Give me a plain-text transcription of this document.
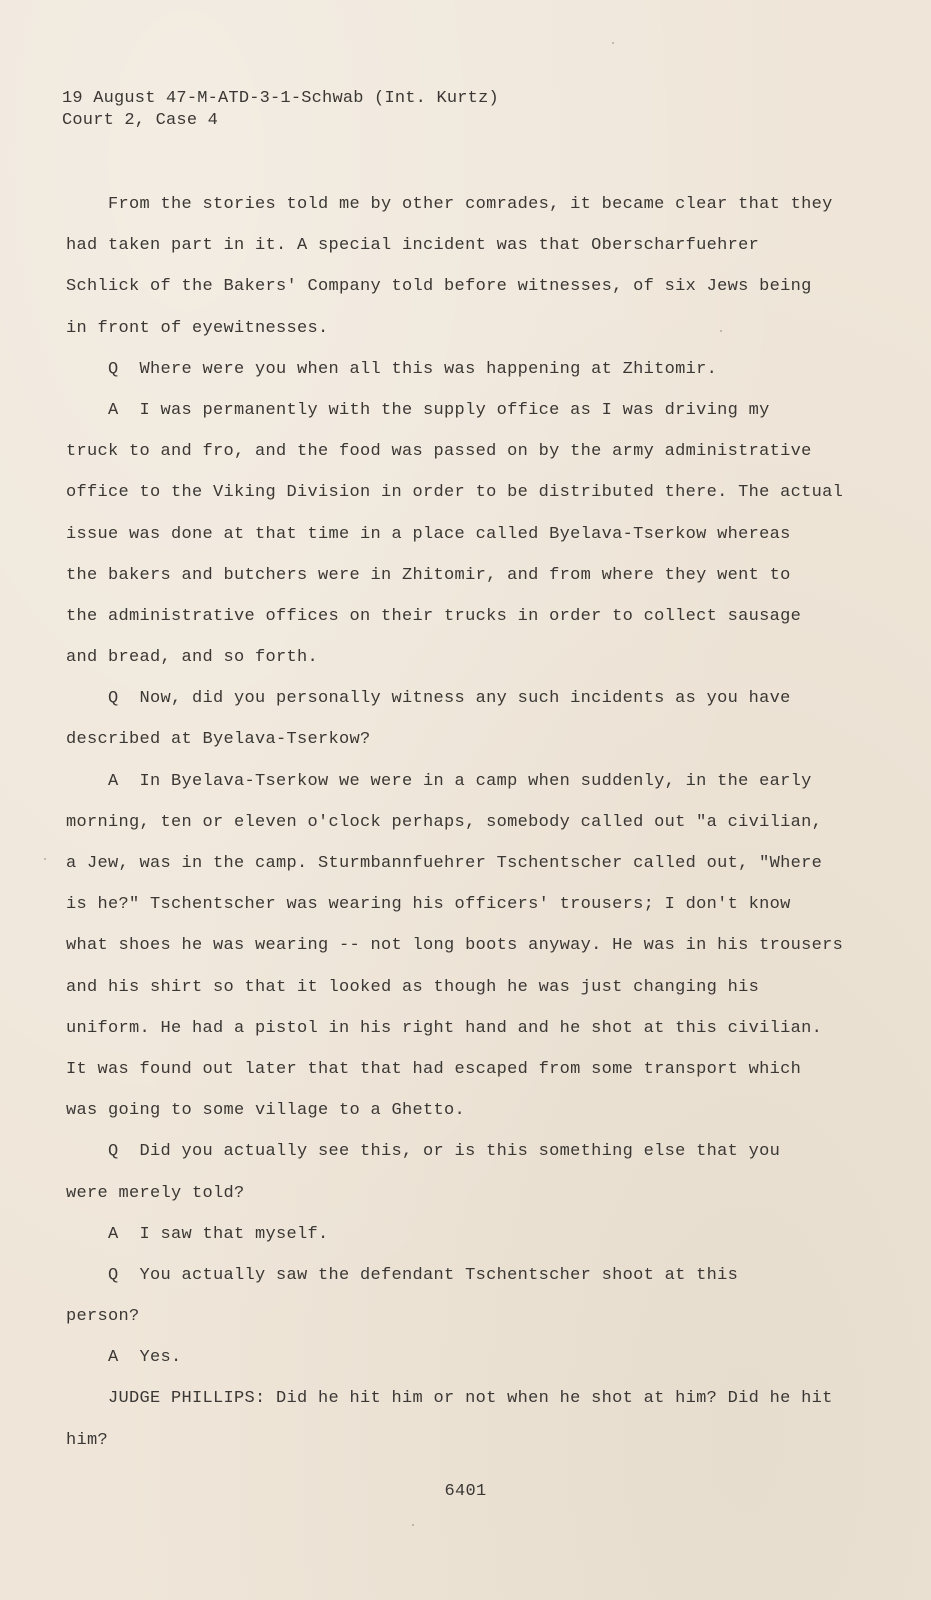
19 August 47-M-ATD-3-1-Schwab (Int. Kurtz)
Court 2, Case 4
From the stories told me by other comrades, it became clear that they
had taken part in it. A special incident was that Oberscharfuehrer
Schlick of the Bakers' Company told before witnesses, of six Jews being
in front of eyewitnesses.
Q  Where were you when all this was happening at Zhitomir.
A  I was permanently with the supply office as I was driving my
truck to and fro, and the food was passed on by the army administrative
office to the Viking Division in order to be distributed there. The actual
issue was done at that time in a place called Byelava-Tserkow whereas
the bakers and butchers were in Zhitomir, and from where they went to
the administrative offices on their trucks in order to collect sausage
and bread, and so forth.
Q  Now, did you personally witness any such incidents as you have
described at Byelava-Tserkow?
A  In Byelava-Tserkow we were in a camp when suddenly, in the early
morning, ten or eleven o'clock perhaps, somebody called out "a civilian,
a Jew, was in the camp. Sturmbannfuehrer Tschentscher called out, "Where
is he?" Tschentscher was wearing his officers' trousers; I don't know
what shoes he was wearing -- not long boots anyway. He was in his trousers
and his shirt so that it looked as though he was just changing his
uniform. He had a pistol in his right hand and he shot at this civilian.
It was found out later that that had escaped from some transport which
was going to some village to a Ghetto.
Q  Did you actually see this, or is this something else that you
were merely told?
A  I saw that myself.
Q  You actually saw the defendant Tschentscher shoot at this
person?
A  Yes.
JUDGE PHILLIPS: Did he hit him or not when he shot at him? Did he hit
him?
6401
